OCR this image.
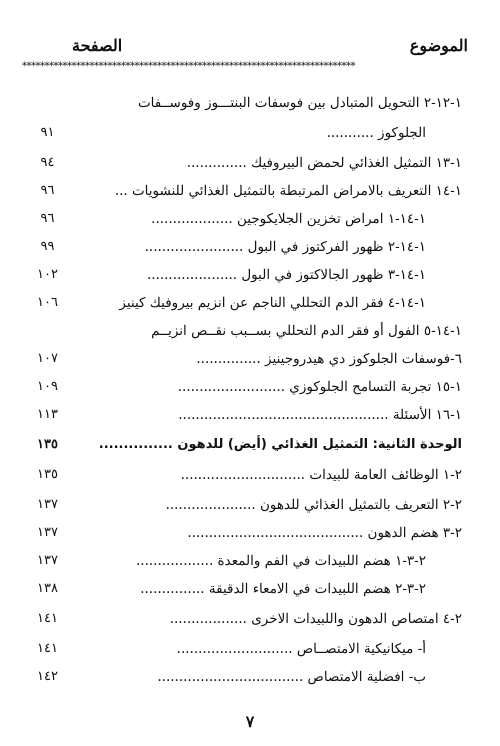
الموضوع
الصفحة
**************************************************************************
١-١٢-٢ التحويل المتبادل بين فوسفات البنتـــوز وفوســفات
الجلوكوز ...........
٩١
١-١٣ التمثيل الغذائي لحمض البيروفيك ..............
٩٤
١-١٤ التعريف بالامراض المرتبطة بالتمثيل الغذائي للنشويات ...
٩٦
١-١٤-١ امراض تخزين الجلايكوجين ...................
٩٦
١-١٤-٢ ظهور الفركتوز في البول .......................
٩٩
١-١٤-٣ ظهور الجالاكتوز في البول .....................
١٠٢
١-١٤-٤ فقر الدم التحللي الناجم عن انزيم بيروفيك كينيز
١٠٦
١-١٤-٥ الفول أو فقر الدم التحللي بســبب نقــص انزيــم
٦-فوسفات الجلوكوز دي هيدروجينيز ...............
١٠٧
١-١٥ تجربة التسامح الجلوكوزي .........................
١٠٩
١-١٦ الأسئلة .................................................
١١٣
الوحدة الثانية: التمثيل الغذائي (أيض) للدهون ...............
١٣٥
٢-١ الوظائف العامة للبيدات .............................
١٣٥
٢-٢ التعريف بالتمثيل الغذائي للدهون .....................
١٣٧
٢-٣ هضم الدهون .........................................
١٣٧
٢-٣-١ هضم اللبيدات في الفم والمعدة ..................
١٣٧
٢-٣-٢ هضم اللبيدات في الامعاء الدقيقة ...............
١٣٨
٢-٤ امتصاص الدهون واللبيدات الاخرى ..................
١٤١
أ- ميكانيكية الامتصــاص ...........................
١٤١
ب- افضلية الامتصاص ..................................
١٤٢
٧
